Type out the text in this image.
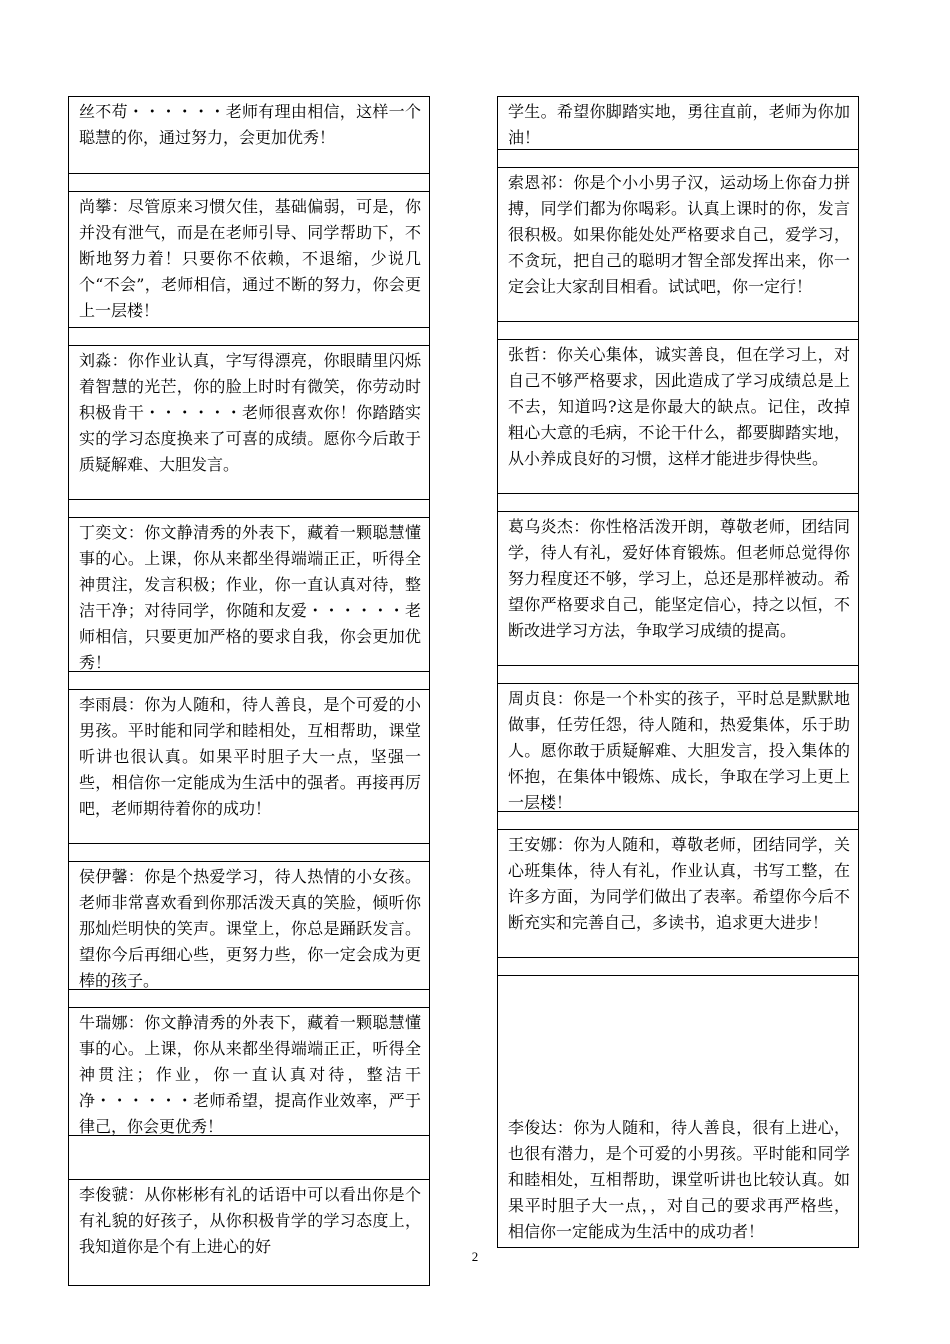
丝不苟・・・・・・老师有理由相信，这样一个聪慧的你，通过努力，会更加优秀！
尚攀：尽管原来习惯欠佳，基础偏弱，可是，你并没有泄气，而是在老师引导、同学帮助下，不断地努力着！只要你不依赖，不退缩，少说几个“不会”，老师相信，通过不断的努力，你会更上一层楼！
刘淼：你作业认真，字写得漂亮，你眼睛里闪烁着智慧的光芒，你的脸上时时有微笑，你劳动时积极肯干・・・・・・老师很喜欢你！你踏踏实实的学习态度换来了可喜的成绩。愿你今后敢于质疑解难、大胆发言。
丁奕文：你文静清秀的外表下，藏着一颗聪慧懂事的心。上课，你从来都坐得端端正正，听得全神贯注，发言积极；作业，你一直认真对待，整洁干净；对待同学，你随和友爱・・・・・・老师相信，只要更加严格的要求自我，你会更加优秀！
李雨晨：你为人随和，待人善良，是个可爱的小男孩。平时能和同学和睦相处，互相帮助，课堂听讲也很认真。如果平时胆子大一点，坚强一些，相信你一定能成为生活中的强者。再接再厉吧，老师期待着你的成功！
侯伊馨：你是个热爱学习，待人热情的小女孩。老师非常喜欢看到你那活泼天真的笑脸，倾听你那灿烂明快的笑声。课堂上，你总是踊跃发言。望你今后再细心些，更努力些，你一定会成为更棒的孩子。
牛瑞娜：你文静清秀的外表下，藏着一颗聪慧懂事的心。上课，你从来都坐得端端正正，听得全神贯注；作业，你一直认真对待，整洁干净・・・・・・老师希望，提高作业效率，严于律己，你会更优秀！
李俊虢：从你彬彬有礼的话语中可以看出你是个有礼貌的好孩子，从你积极肯学的学习态度上，我知道你是个有上进心的好
学生。希望你脚踏实地，勇往直前，老师为你加油！
索恩祁：你是个小小男子汉，运动场上你奋力拼搏，同学们都为你喝彩。认真上课时的你，发言很积极。如果你能处处严格要求自己，爱学习，不贪玩，把自己的聪明才智全部发挥出来，你一定会让大家刮目相看。试试吧，你一定行！
张哲：你关心集体，诚实善良，但在学习上，对自己不够严格要求，因此造成了学习成绩总是上不去，知道吗?这是你最大的缺点。记住，改掉粗心大意的毛病，不论干什么，都要脚踏实地，从小养成良好的习惯，这样才能进步得快些。
葛乌炎杰：你性格活泼开朗，尊敬老师，团结同学，待人有礼，爱好体育锻炼。但老师总觉得你努力程度还不够，学习上，总还是那样被动。希望你严格要求自己，能坚定信心，持之以恒，不断改进学习方法，争取学习成绩的提高。
周贞良：你是一个朴实的孩子，平时总是默默地做事，任劳任怨，待人随和，热爱集体，乐于助人。愿你敢于质疑解难、大胆发言，投入集体的怀抱，在集体中锻炼、成长，争取在学习上更上一层楼！
王安娜：你为人随和，尊敬老师，团结同学，关心班集体，待人有礼，作业认真，书写工整，在许多方面，为同学们做出了表率。希望你今后不断充实和完善自己，多读书，追求更大进步！
李俊达：你为人随和，待人善良，很有上进心，也很有潜力，是个可爱的小男孩。平时能和同学和睦相处，互相帮助，课堂听讲也比较认真。如果平时胆子大一点，，对自己的要求再严格些，相信你一定能成为生活中的成功者！
2
